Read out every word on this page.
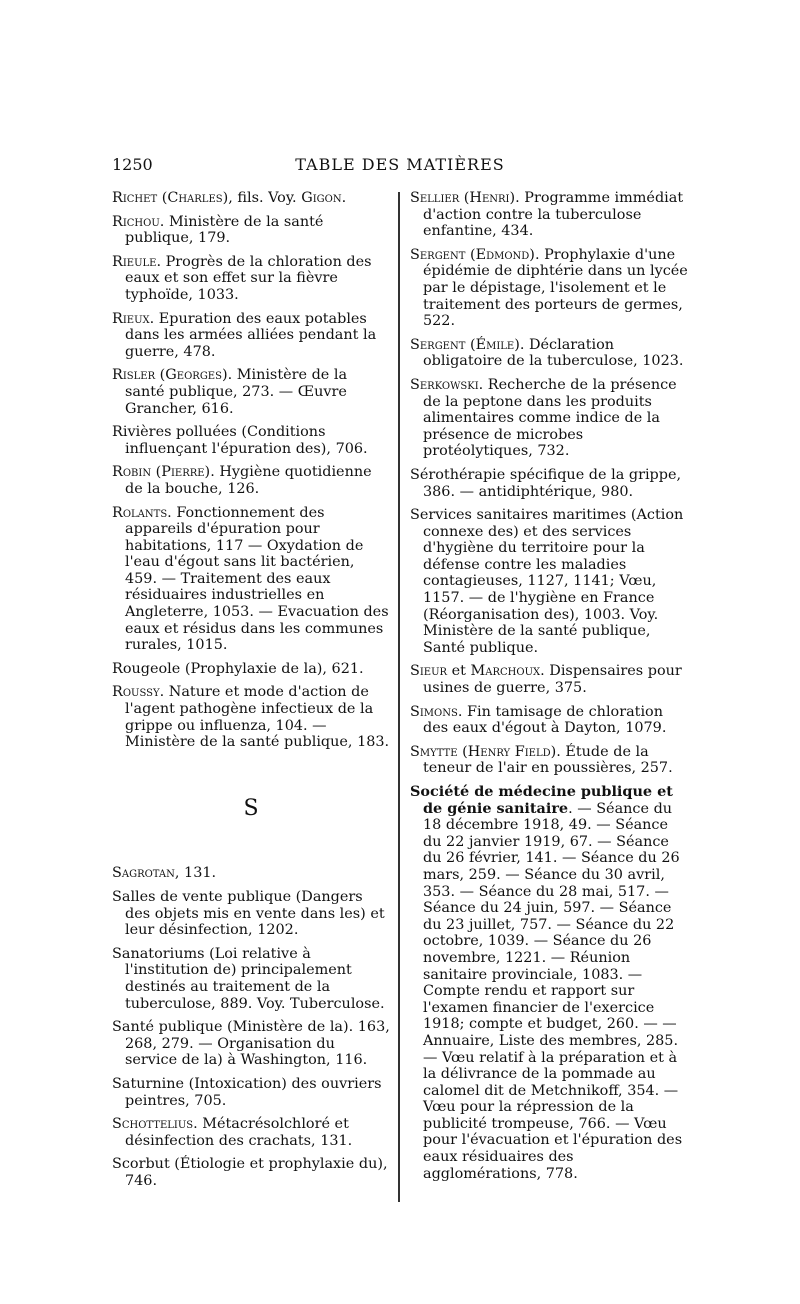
1250	TABLE DES MATIÈRES

Richet (Charles), fils. Voy. Gigon.

Richou. Ministère de la santé publique, 179.

Rieule. Progrès de la chloration des eaux et son effet sur la fièvre typhoïde, 1033.

Rieux. Epuration des eaux potables dans les armées alliées pendant la guerre, 478.

Risler (Georges). Ministère de la santé publique, 273. — Œuvre Grancher, 616.

Rivières polluées (Conditions influençant l'épuration des), 706.

Robin (Pierre). Hygiène quotidienne de la bouche, 126.

Rolants. Fonctionnement des appareils d'épuration pour habitations, 117 — Oxydation de l'eau d'égout sans lit bactérien, 459. — Traitement des eaux résiduaires industrielles en Angleterre, 1053. — Evacuation des eaux et résidus dans les communes rurales, 1015.

Rougeole (Prophylaxie de la), 621.

Roussy. Nature et mode d'action de l'agent pathogène infectieux de la grippe ou influenza, 104. — Ministère de la santé publique, 183.

S

Sagrotan, 131.

Salles de vente publique (Dangers des objets mis en vente dans les) et leur désinfection, 1202.

Sanatoriums (Loi relative à l'institution de) principalement destinés au traitement de la tuberculose, 889. Voy. Tuberculose.

Santé publique (Ministère de la). 163, 268, 279. — Organisation du service de la) à Washington, 116.

Saturnine (Intoxication) des ouvriers peintres, 705.

Schottelius. Métacrésolchloré et désinfection des crachats, 131.

Scorbut (Étiologie et prophylaxie du), 746.

Sellier (Henri). Programme immédiat d'action contre la tuberculose enfantine, 434.

Sergent (Edmond). Prophylaxie d'une épidémie de diphtérie dans un lycée par le dépistage, l'isolement et le traitement des porteurs de germes, 522.

Sergent (Émile). Déclaration obligatoire de la tuberculose, 1023.

Serkowski. Recherche de la présence de la peptone dans les produits alimentaires comme indice de la présence de microbes protéolytiques, 732.

Sérothérapie spécifique de la grippe, 386. — antidiphtérique, 980.

Services sanitaires maritimes (Action connexe des) et des services d'hygiène du territoire pour la défense contre les maladies contagieuses, 1127, 1141; Vœu, 1157. — de l'hygiène en France (Réorganisation des), 1003. Voy. Ministère de la santé publique, Santé publique.

Sieur et Marchoux. Dispensaires pour usines de guerre, 375.

Simons. Fin tamisage de chloration des eaux d'égout à Dayton, 1079.

Smytte (Henry Field). Étude de la teneur de l'air en poussières, 257.

Société de médecine publique et de génie sanitaire. — Séance du 18 décembre 1918, 49. — Séance du 22 janvier 1919, 67. — Séance du 26 février, 141. — Séance du 26 mars, 259. — Séance du 30 avril, 353. — Séance du 28 mai, 517. — Séance du 24 juin, 597. — Séance du 23 juillet, 757. — Séance du 22 octobre, 1039. — Séance du 26 novembre, 1221. — Réunion sanitaire provinciale, 1083. — Compte rendu et rapport sur l'examen financier de l'exercice 1918; compte et budget, 260. — — Annuaire, Liste des membres, 285. — Vœu relatif à la préparation et à la délivrance de la pommade au calomel dit de Metchnikoff, 354. — Vœu pour la répression de la publicité trompeuse, 766. — Vœu pour l'évacuation et l'épuration des eaux résiduaires des agglomérations, 778.
